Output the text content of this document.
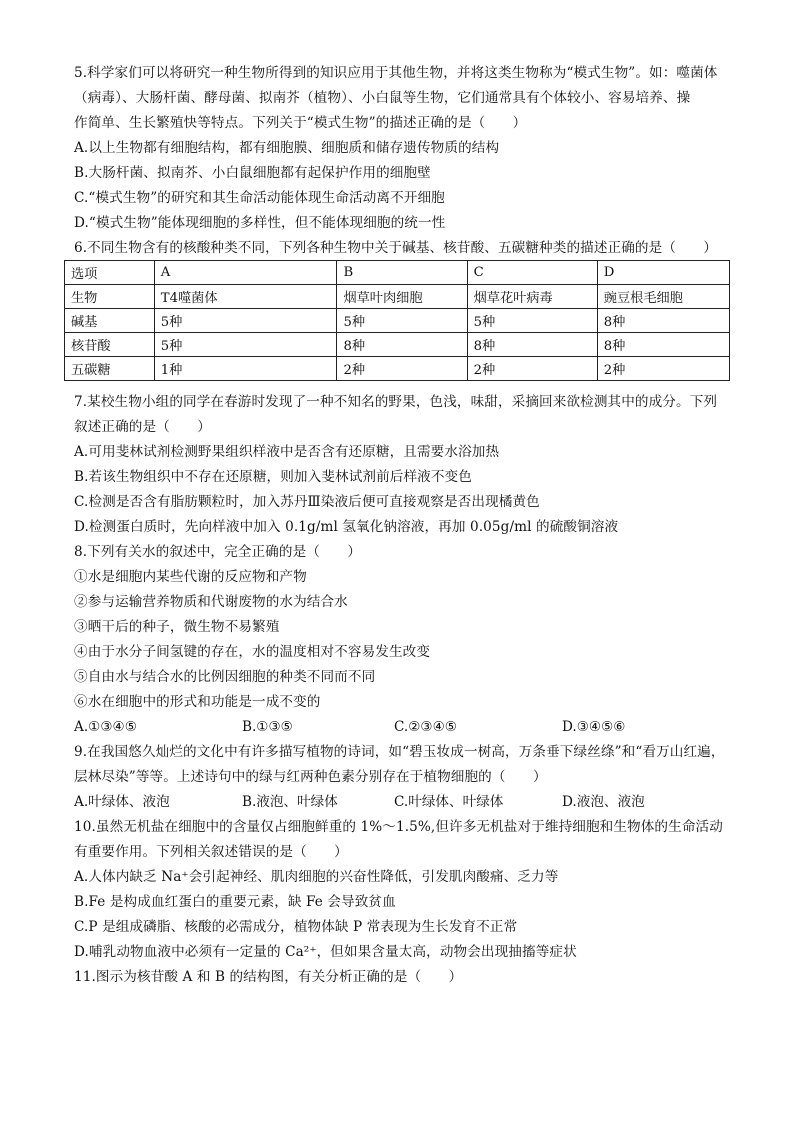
5.科学家们可以将研究一种生物所得到的知识应用于其他生物，并将这类生物称为“模式生物”。如：噬菌体
（病毒）、大肠杆菌、酵母菌、拟南芥（植物）、小白鼠等生物，它们通常具有个体较小、容易培养、操
作简单、生长繁殖快等特点。下列关于“模式生物”的描述正确的是（　　）
A.以上生物都有细胞结构，都有细胞膜、细胞质和储存遗传物质的结构
B.大肠杆菌、拟南芥、小白鼠细胞都有起保护作用的细胞壁
C.“模式生物”的研究和其生命活动能体现生命活动离不开细胞
D.“模式生物”能体现细胞的多样性，但不能体现细胞的统一性
6.不同生物含有的核酸种类不同，下列各种生物中关于碱基、核苷酸、五碳糖种类的描述正确的是（　　）
选项	A	B	C	D
生物	T4噬菌体	烟草叶肉细胞	烟草花叶病毒	豌豆根毛细胞
碱基	5种	5种	5种	8种
核苷酸	5种	8种	8种	8种
五碳糖	1种	2种	2种	2种
7.某校生物小组的同学在春游时发现了一种不知名的野果，色浅，味甜，采摘回来欲检测其中的成分。下列
叙述正确的是（　　）
A.可用斐林试剂检测野果组织样液中是否含有还原糖，且需要水浴加热
B.若该生物组织中不存在还原糖，则加入斐林试剂前后样液不变色
C.检测是否含有脂肪颗粒时，加入苏丹Ⅲ染液后便可直接观察是否出现橘黄色
D.检测蛋白质时，先向样液中加入 0.1g/ml 氢氧化钠溶液，再加 0.05g/ml 的硫酸铜溶液
8.下列有关水的叙述中，完全正确的是（　　）
①水是细胞内某些代谢的反应物和产物
②参与运输营养物质和代谢废物的水为结合水
③晒干后的种子，微生物不易繁殖
④由于水分子间氢键的存在，水的温度相对不容易发生改变
⑤自由水与结合水的比例因细胞的种类不同而不同
⑥水在细胞中的形式和功能是一成不变的
A.①③④⑤	B.①③⑤	C.②③④⑤	D.③④⑤⑥
9.在我国悠久灿烂的文化中有许多描写植物的诗词，如“碧玉妆成一树高，万条垂下绿丝绦”和“看万山红遍，
层林尽染”等等。上述诗句中的绿与红两种色素分别存在于植物细胞的（　　）
A.叶绿体、液泡	B.液泡、叶绿体	C.叶绿体、叶绿体	D.液泡、液泡
10.虽然无机盐在细胞中的含量仅占细胞鲜重的 1%～1.5%,但许多无机盐对于维持细胞和生物体的生命活动
有重要作用。下列相关叙述错误的是（　　）
A.人体内缺乏 Na⁺会引起神经、肌肉细胞的兴奋性降低，引发肌肉酸痛、乏力等
B.Fe 是构成血红蛋白的重要元素，缺 Fe 会导致贫血
C.P 是组成磷脂、核酸的必需成分，植物体缺 P 常表现为生长发育不正常
D.哺乳动物血液中必须有一定量的 Ca²⁺，但如果含量太高，动物会出现抽搐等症状
11.图示为核苷酸 A 和 B 的结构图，有关分析正确的是（　　）
